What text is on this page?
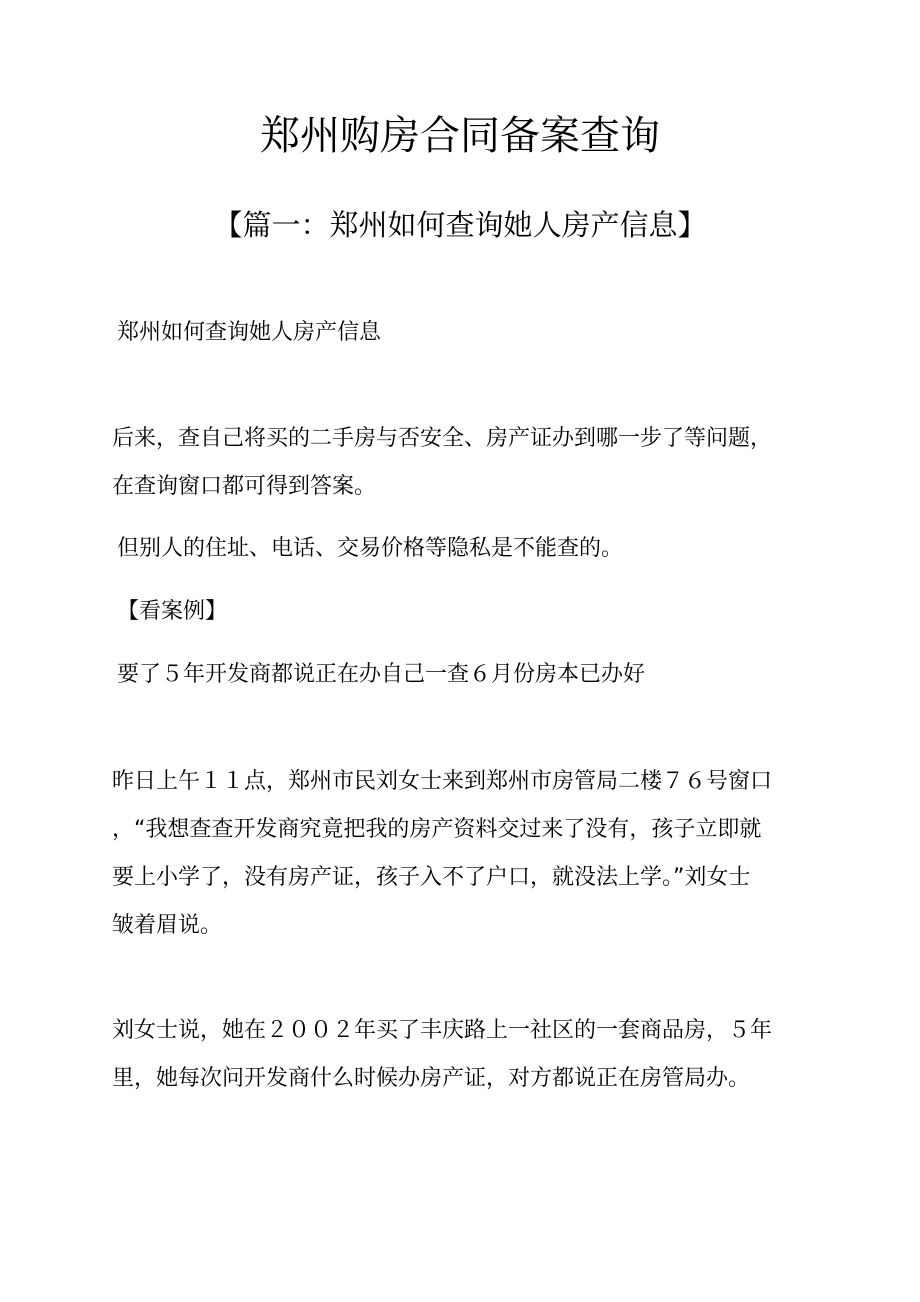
郑州购房合同备案查询
【篇一：郑州如何查询她人房产信息】

郑州如何查询她人房产信息

后来，查自己将买的二手房与否安全、房产证办到哪一步了等问题，
在查询窗口都可得到答案。

但别人的住址、电话、交易价格等隐私是不能查的。

【看案例】

要了５年开发商都说正在办自己一查６月份房本已办好

昨日上午１１点，郑州市民刘女士来到郑州市房管局二楼７６号窗口
，“我想查查开发商究竟把我的房产资料交过来了没有，孩子立即就
要上小学了，没有房产证，孩子入不了户口，就没法上学。”刘女士
皱着眉说。
刘女士说，她在２００２年买了丰庆路上一社区的一套商品房，５年
里，她每次问开发商什么时候办房产证，对方都说正在房管局办。
